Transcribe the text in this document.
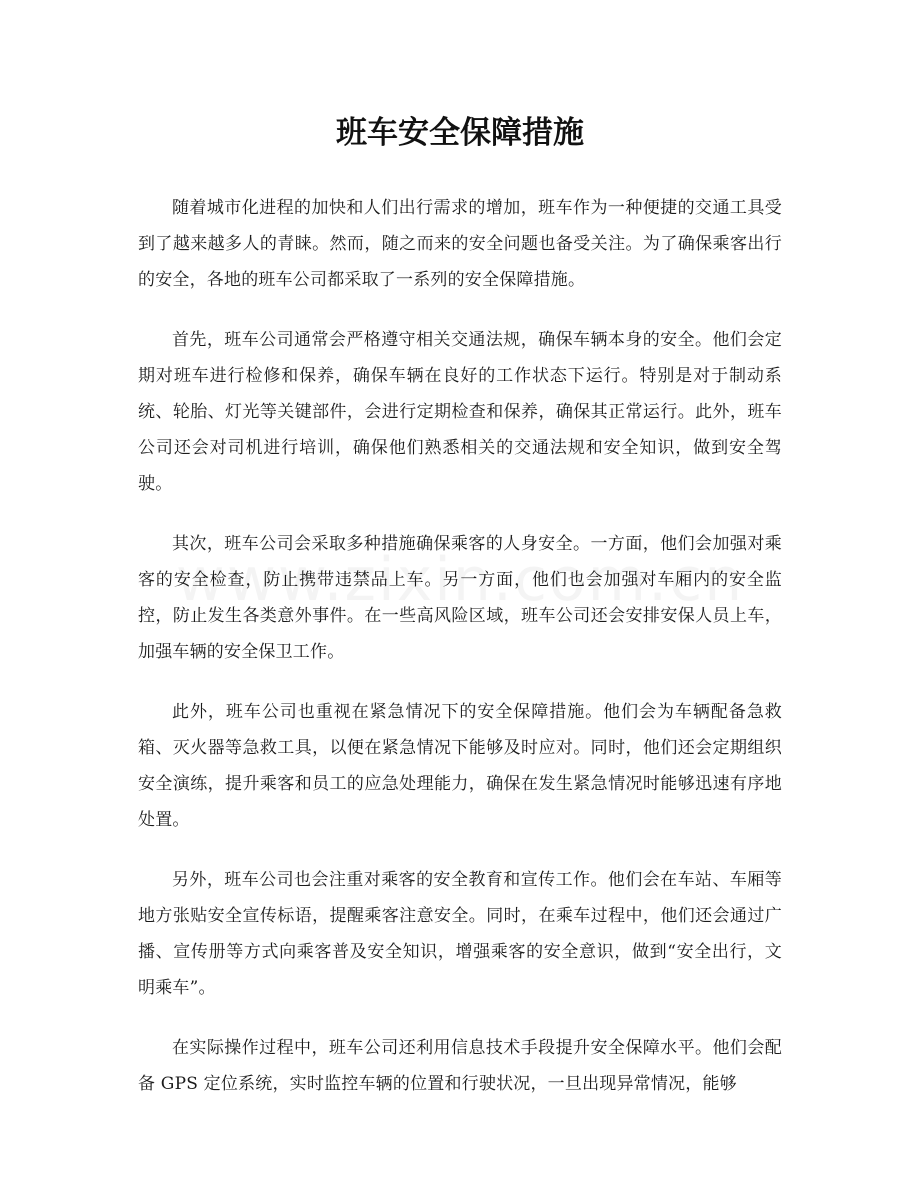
班车安全保障措施

随着城市化进程的加快和人们出行需求的增加，班车作为一种便捷的交通工具受到了越来越多人的青睐。然而，随之而来的安全问题也备受关注。为了确保乘客出行的安全，各地的班车公司都采取了一系列的安全保障措施。

首先，班车公司通常会严格遵守相关交通法规，确保车辆本身的安全。他们会定期对班车进行检修和保养，确保车辆在良好的工作状态下运行。特别是对于制动系统、轮胎、灯光等关键部件，会进行定期检查和保养，确保其正常运行。此外，班车公司还会对司机进行培训，确保他们熟悉相关的交通法规和安全知识，做到安全驾驶。

其次，班车公司会采取多种措施确保乘客的人身安全。一方面，他们会加强对乘客的安全检查，防止携带违禁品上车。另一方面，他们也会加强对车厢内的安全监控，防止发生各类意外事件。在一些高风险区域，班车公司还会安排安保人员上车，加强车辆的安全保卫工作。

此外，班车公司也重视在紧急情况下的安全保障措施。他们会为车辆配备急救箱、灭火器等急救工具，以便在紧急情况下能够及时应对。同时，他们还会定期组织安全演练，提升乘客和员工的应急处理能力，确保在发生紧急情况时能够迅速有序地处置。

另外，班车公司也会注重对乘客的安全教育和宣传工作。他们会在车站、车厢等地方张贴安全宣传标语，提醒乘客注意安全。同时，在乘车过程中，他们还会通过广播、宣传册等方式向乘客普及安全知识，增强乘客的安全意识，做到“安全出行，文明乘车”。

在实际操作过程中，班车公司还利用信息技术手段提升安全保障水平。他们会配备 GPS 定位系统，实时监控车辆的位置和行驶状况，一旦出现异常情况，能够
